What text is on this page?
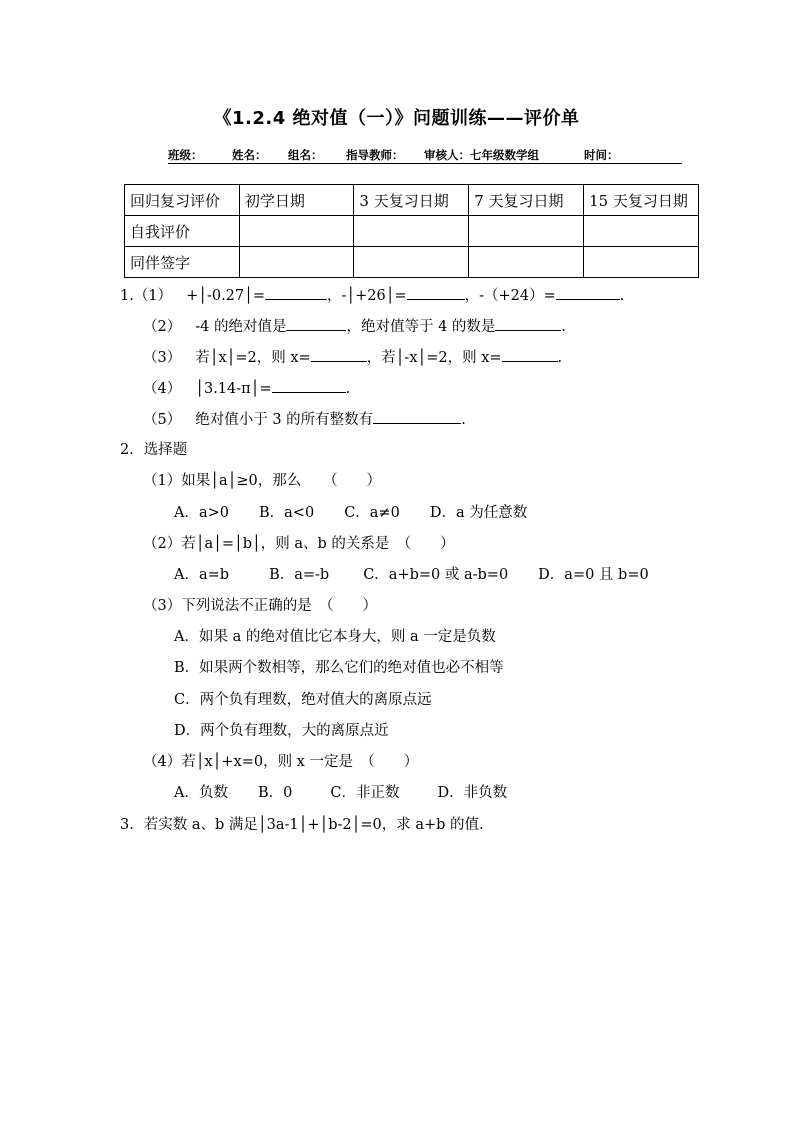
《1.2.4 绝对值（一）》问题训练——评价单
班级：	姓名： 组名： 指导教师： 审核人：七年级数学组	时间：
回归复习评价	初学日期	3 天复习日期	7 天复习日期	15 天复习日期
自我评价				
同伴签字				
1.（1） +│-0.27│=	，-│+26│=	，-（+24）=	.
（2） -4 的绝对值是	，绝对值等于 4 的数是	.
（3） 若│x│=2，则 x=	，若│-x│=2，则 x=	.
（4） │3.14-π│=	.
（5） 绝对值小于 3 的所有整数有	.
2．选择题
（1）如果│a│≥0，那么　　（　　）
A．a>0 B．a<0 C．a≠0 D．a 为任意数
（2）若│a│=│b│，则 a、b 的关系是　（　　）
A．a=b	B．a=-b C．a+b=0 或 a-b=0 D．a=0 且 b=0
（3）下列说法不正确的是　（　　）
A．如果 a 的绝对值比它本身大，则 a 一定是负数
B．如果两个数相等，那么它们的绝对值也必不相等
C．两个负有理数，绝对值大的离原点远
D．两个负有理数，大的离原点近
（4）若│x│+x=0，则 x 一定是　（　　）
A．负数 B．0	C．非正数	D．非负数
3．若实数 a、b 满足│3a-1│+│b-2│=0，求 a+b 的值.
